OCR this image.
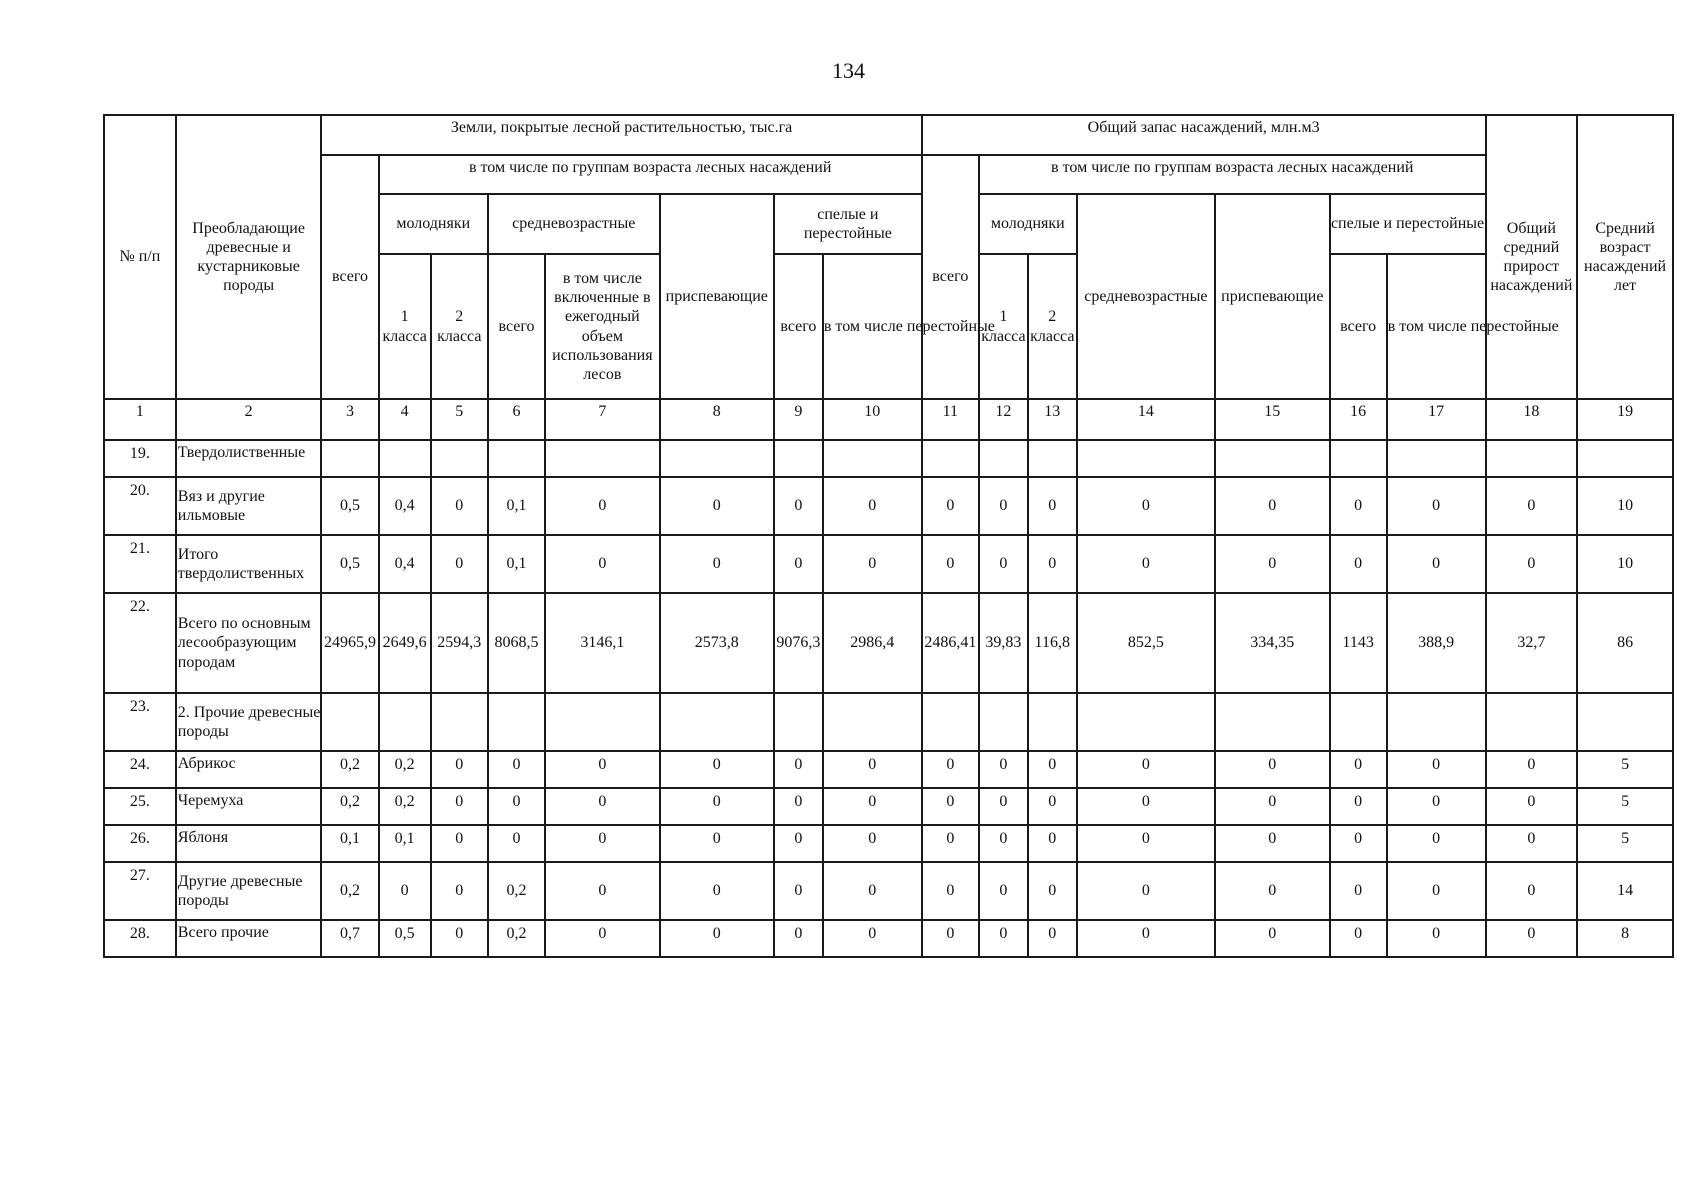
134
№ п/п	Преобладающие древесные и кустарниковые породы	Земли, покрытые лесной растительностью, тыс.га								Общий запас насаждений, млн.м3							Общий средний прирост насаждений	Средний возраст насаждений лет
		всего	в том числе по группам возраста лесных насаждений							всего	в том числе по группам возраста лесных насаждений							
			молодняки		средневозрастные		приспевающие	спелые и перестойные			молодняки		средневозрастные	приспевающие	спелые и перестойные			
			1 класса	2 класса	всего	в том числе включенные в ежегодный объем использования лесов		всего	в том числе перестойные		1 класса	2 класса			всего	в том числе перестойные		
1	2	3	4	5	6	7	8	9	10	11	12	13	14	15	16	17	18	19
19.	Твердолиственные																	
20.	Вяз и другие ильмовые	0,5	0,4	0	0,1	0	0	0	0	0	0	0	0	0	0	0	0	10
21.	Итого твердолиственных	0,5	0,4	0	0,1	0	0	0	0	0	0	0	0	0	0	0	0	10
22.	Всего по основным лесообразующим породам	24965,9	2649,6	2594,3	8068,5	3146,1	2573,8	9076,3	2986,4	2486,41	39,83	116,8	852,5	334,35	1143	388,9	32,7	86
23.	2. Прочие древесные породы																	
24.	Абрикос	0,2	0,2	0	0	0	0	0	0	0	0	0	0	0	0	0	0	5
25.	Черемуха	0,2	0,2	0	0	0	0	0	0	0	0	0	0	0	0	0	0	5
26.	Яблоня	0,1	0,1	0	0	0	0	0	0	0	0	0	0	0	0	0	0	5
27.	Другие древесные породы	0,2	0	0	0,2	0	0	0	0	0	0	0	0	0	0	0	0	14
28.	Всего прочие	0,7	0,5	0	0,2	0	0	0	0	0	0	0	0	0	0	0	0	8
